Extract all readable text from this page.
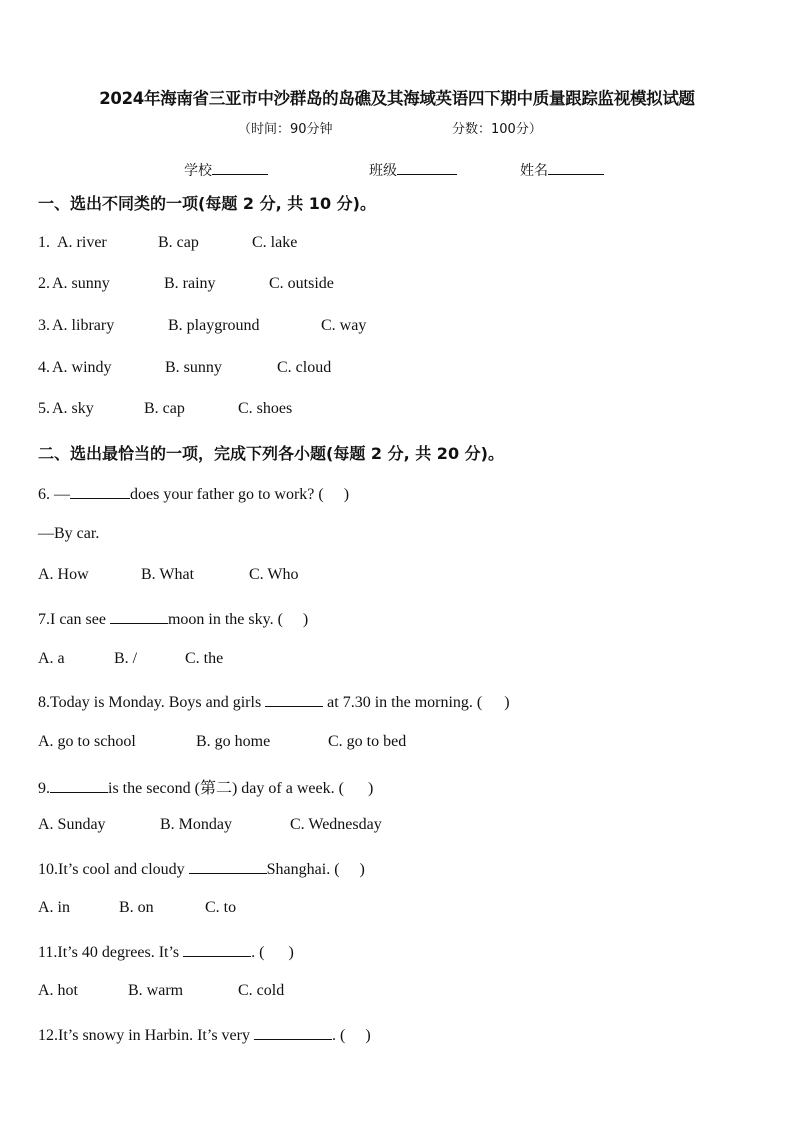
2024年海南省三亚市中沙群岛的岛礁及其海域英语四下期中质量跟踪监视模拟试题
（时间：90分钟	分数：100分）
学校	班级	姓名
一、选出不同类的一项(每题 2 分, 共 10 分)。
1. A. river	B. cap	C. lake
2. A. sunny	B. rainy	C. outside
3. A. library	B. playground	C. way
4. A. windy	B. sunny	C. cloud
5. A. sky	B. cap	C. shoes
二、选出最恰当的一项，完成下列各小题(每题 2 分, 共 20 分)。
6. —	does your father go to work? ( )
—By car.
A. How	B. What	C. Who
7.I can see	moon in the sky. ( )
A. a	B. /	C. the
8.Today is Monday. Boys and girls	at 7.30 in the morning. ( )
A. go to school	B. go home	C. go to bed
9.	is the second (第二) day of a week. ( )
A. Sunday	B. Monday	C. Wednesday
10.It’s cool and cloudy	Shanghai. ( )
A. in	B. on	C. to
11.It’s 40 degrees. It’s	. ( )
A. hot	B. warm	C. cold
12.It’s snowy in Harbin. It’s very	. ( )
